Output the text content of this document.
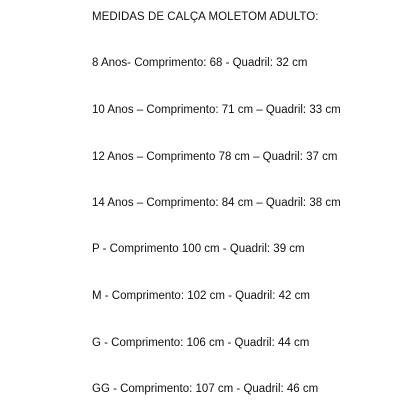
MEDIDAS DE CALÇA MOLETOM ADULTO:
8 Anos- Comprimento: 68 - Quadril: 32 cm
10 Anos – Comprimento: 71 cm – Quadril: 33 cm
12 Anos – Comprimento 78 cm – Quadril: 37 cm
14 Anos – Comprimento: 84 cm – Quadril: 38 cm
P - Comprimento 100 cm - Quadril: 39 cm
M - Comprimento: 102 cm - Quadril: 42 cm
G - Comprimento: 106 cm - Quadril: 44 cm
GG - Comprimento: 107 cm - Quadril: 46 cm
